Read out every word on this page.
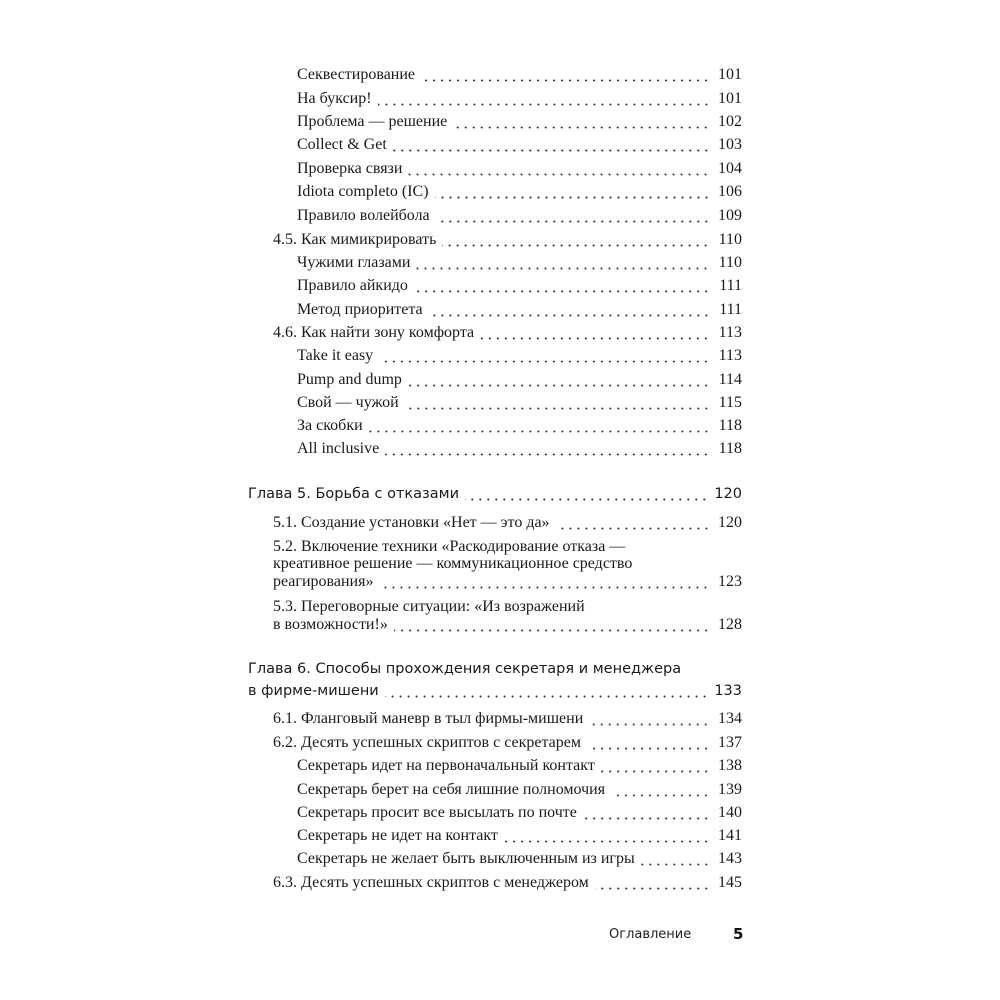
Секвестирование	101
На буксир!	101
Проблема — решение	102
Collect & Get	103
Проверка связи	104
Idiota completo (IC)	106
Правило волейбола	109
4.5. Как мимикрировать	110
Чужими глазами	110
Правило айкидо	111
Метод приоритета	111
4.6. Как найти зону комфорта	113
Take it easy	113
Pump and dump	114
Свой — чужой	115
За скобки	118
All inclusive	118
Глава 5. Борьба с отказами	120
5.1. Создание установки «Нет — это да»	120
5.2. Включение техники «Раскодирование отказа —
креативное решение — коммуникационное средство
реагирования»	123
5.3. Переговорные ситуации: «Из возражений
в возможности!»	128
Глава 6. Способы прохождения секретаря и менеджера
в фирме-мишени	133
6.1. Фланговый маневр в тыл фирмы-мишени	134
6.2. Десять успешных скриптов с секретарем	137
Секретарь идет на первоначальный контакт	138
Секретарь берет на себя лишние полномочия	139
Секретарь просит все высылать по почте	140
Секретарь не идет на контакт	141
Секретарь не желает быть выключенным из игры	143
6.3. Десять успешных скриптов с менеджером	145
Оглавление	5
